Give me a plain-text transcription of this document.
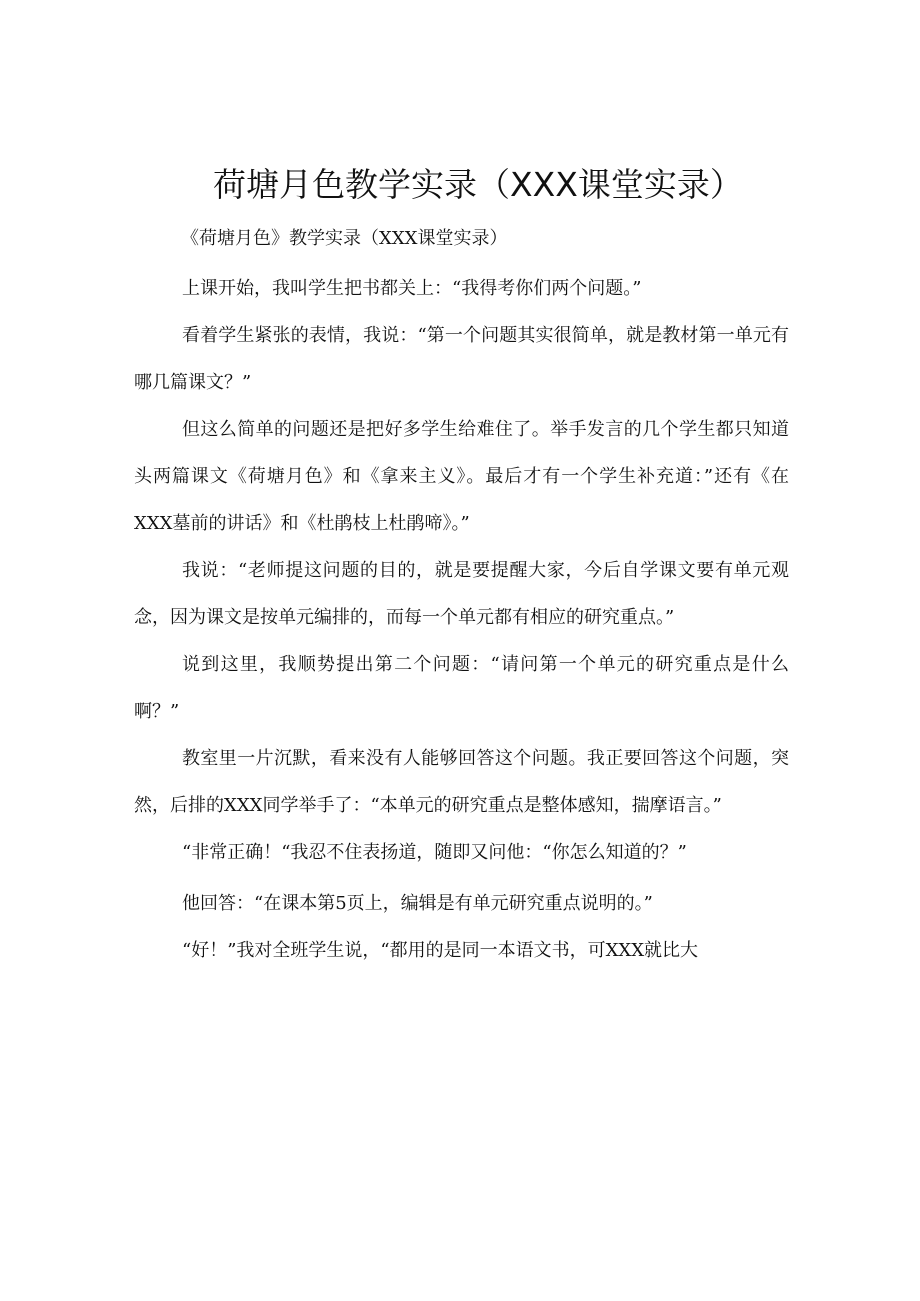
荷塘月色教学实录（XXX课堂实录）
《荷塘月色》教学实录（XXX课堂实录）

上课开始，我叫学生把书都关上：“我得考你们两个问题。”

看着学生紧张的表情，我说：“第一个问题其实很简单，就是教材第一单元有哪几篇课文？”

但这么简单的问题还是把好多学生给难住了。举手发言的几个学生都只知道头两篇课文《荷塘月色》和《拿来主义》。最后才有一个学生补充道：”还有《在XXX墓前的讲话》和《杜鹃枝上杜鹃啼》。”

我说：“老师提这问题的目的，就是要提醒大家，今后自学课文要有单元观念，因为课文是按单元编排的，而每一个单元都有相应的研究重点。”

说到这里，我顺势提出第二个问题：“请问第一个单元的研究重点是什么啊？”

教室里一片沉默，看来没有人能够回答这个问题。我正要回答这个问题，突然，后排的XXX同学举手了：“本单元的研究重点是整体感知，揣摩语言。”

“非常正确！“我忍不住表扬道，随即又问他：“你怎么知道的？”

他回答：“在课本第5页上，编辑是有单元研究重点说明的。”

“好！”我对全班学生说，“都用的是同一本语文书，可XXX就比大
